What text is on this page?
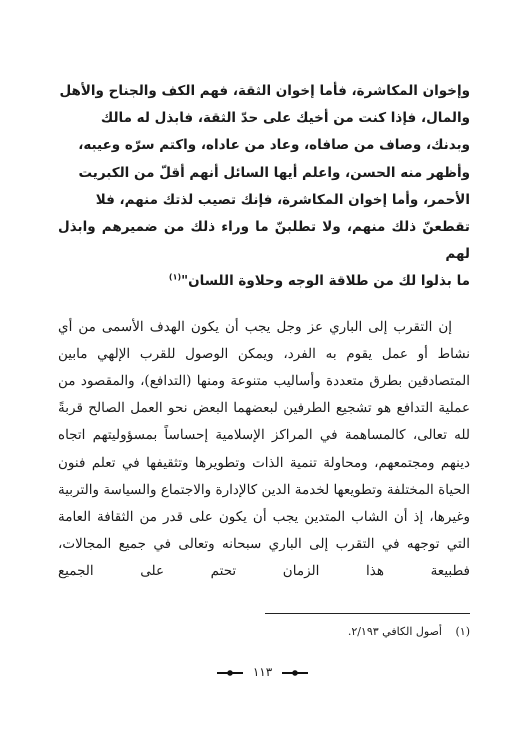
وإخوان المكاشرة، فأما إخوان الثقة، فهم الكف والجناح والأهل

والمال، فإذا كنت من أخيك على حدّ الثقة، فابذل له مالك

وبدنك، وصاف من صافاه، وعاد من عاداه، واكتم سرّه وعيبه،

وأظهر منه الحسن، واعلم أيها السائل أنهم أقلّ من الكبريت

الأحمر، وأما إخوان المكاشرة، فإنك تصيب لذتك منهم، فلا

تقطعنّ ذلك منهم، ولا تطلبنّ ما وراء ذلك من ضميرهم وابذل لهم

ما بذلوا لك من طلاقة الوجه وحلاوة اللسان"$^{(١)}$

إن التقرب إلى الباري عز وجل يجب أن يكون الهدف الأسمى من أي نشاط أو عمل يقوم به الفرد، ويمكن الوصول للقرب الإلهي مابين المتصادقين بطرق متعددة وأساليب متنوعة ومنها (التدافع)، والمقصود من عملية التدافع هو تشجيع الطرفين لبعضهما البعض نحو العمل الصالح قربةً لله تعالى، كالمساهمة في المراكز الإسلامية إحساساً بمسؤوليتهم اتجاه دينهم ومجتمعهم، ومحاولة تنمية الذات وتطويرها وتثقيفها في تعلم فنون الحياة المختلفة وتطويعها لخدمة الدين كالإدارة والاجتماع والسياسة والتربية وغيرها، إذ أن الشاب المتدين يجب أن يكون على قدر من الثقافة العامة التي توجهه في التقرب إلى الباري سبحانه وتعالى في جميع المجالات، فطبيعة هذا الزمان تحتم على الجميع

(١) أصول الكافي ٢/١٩٣.
١١٣
